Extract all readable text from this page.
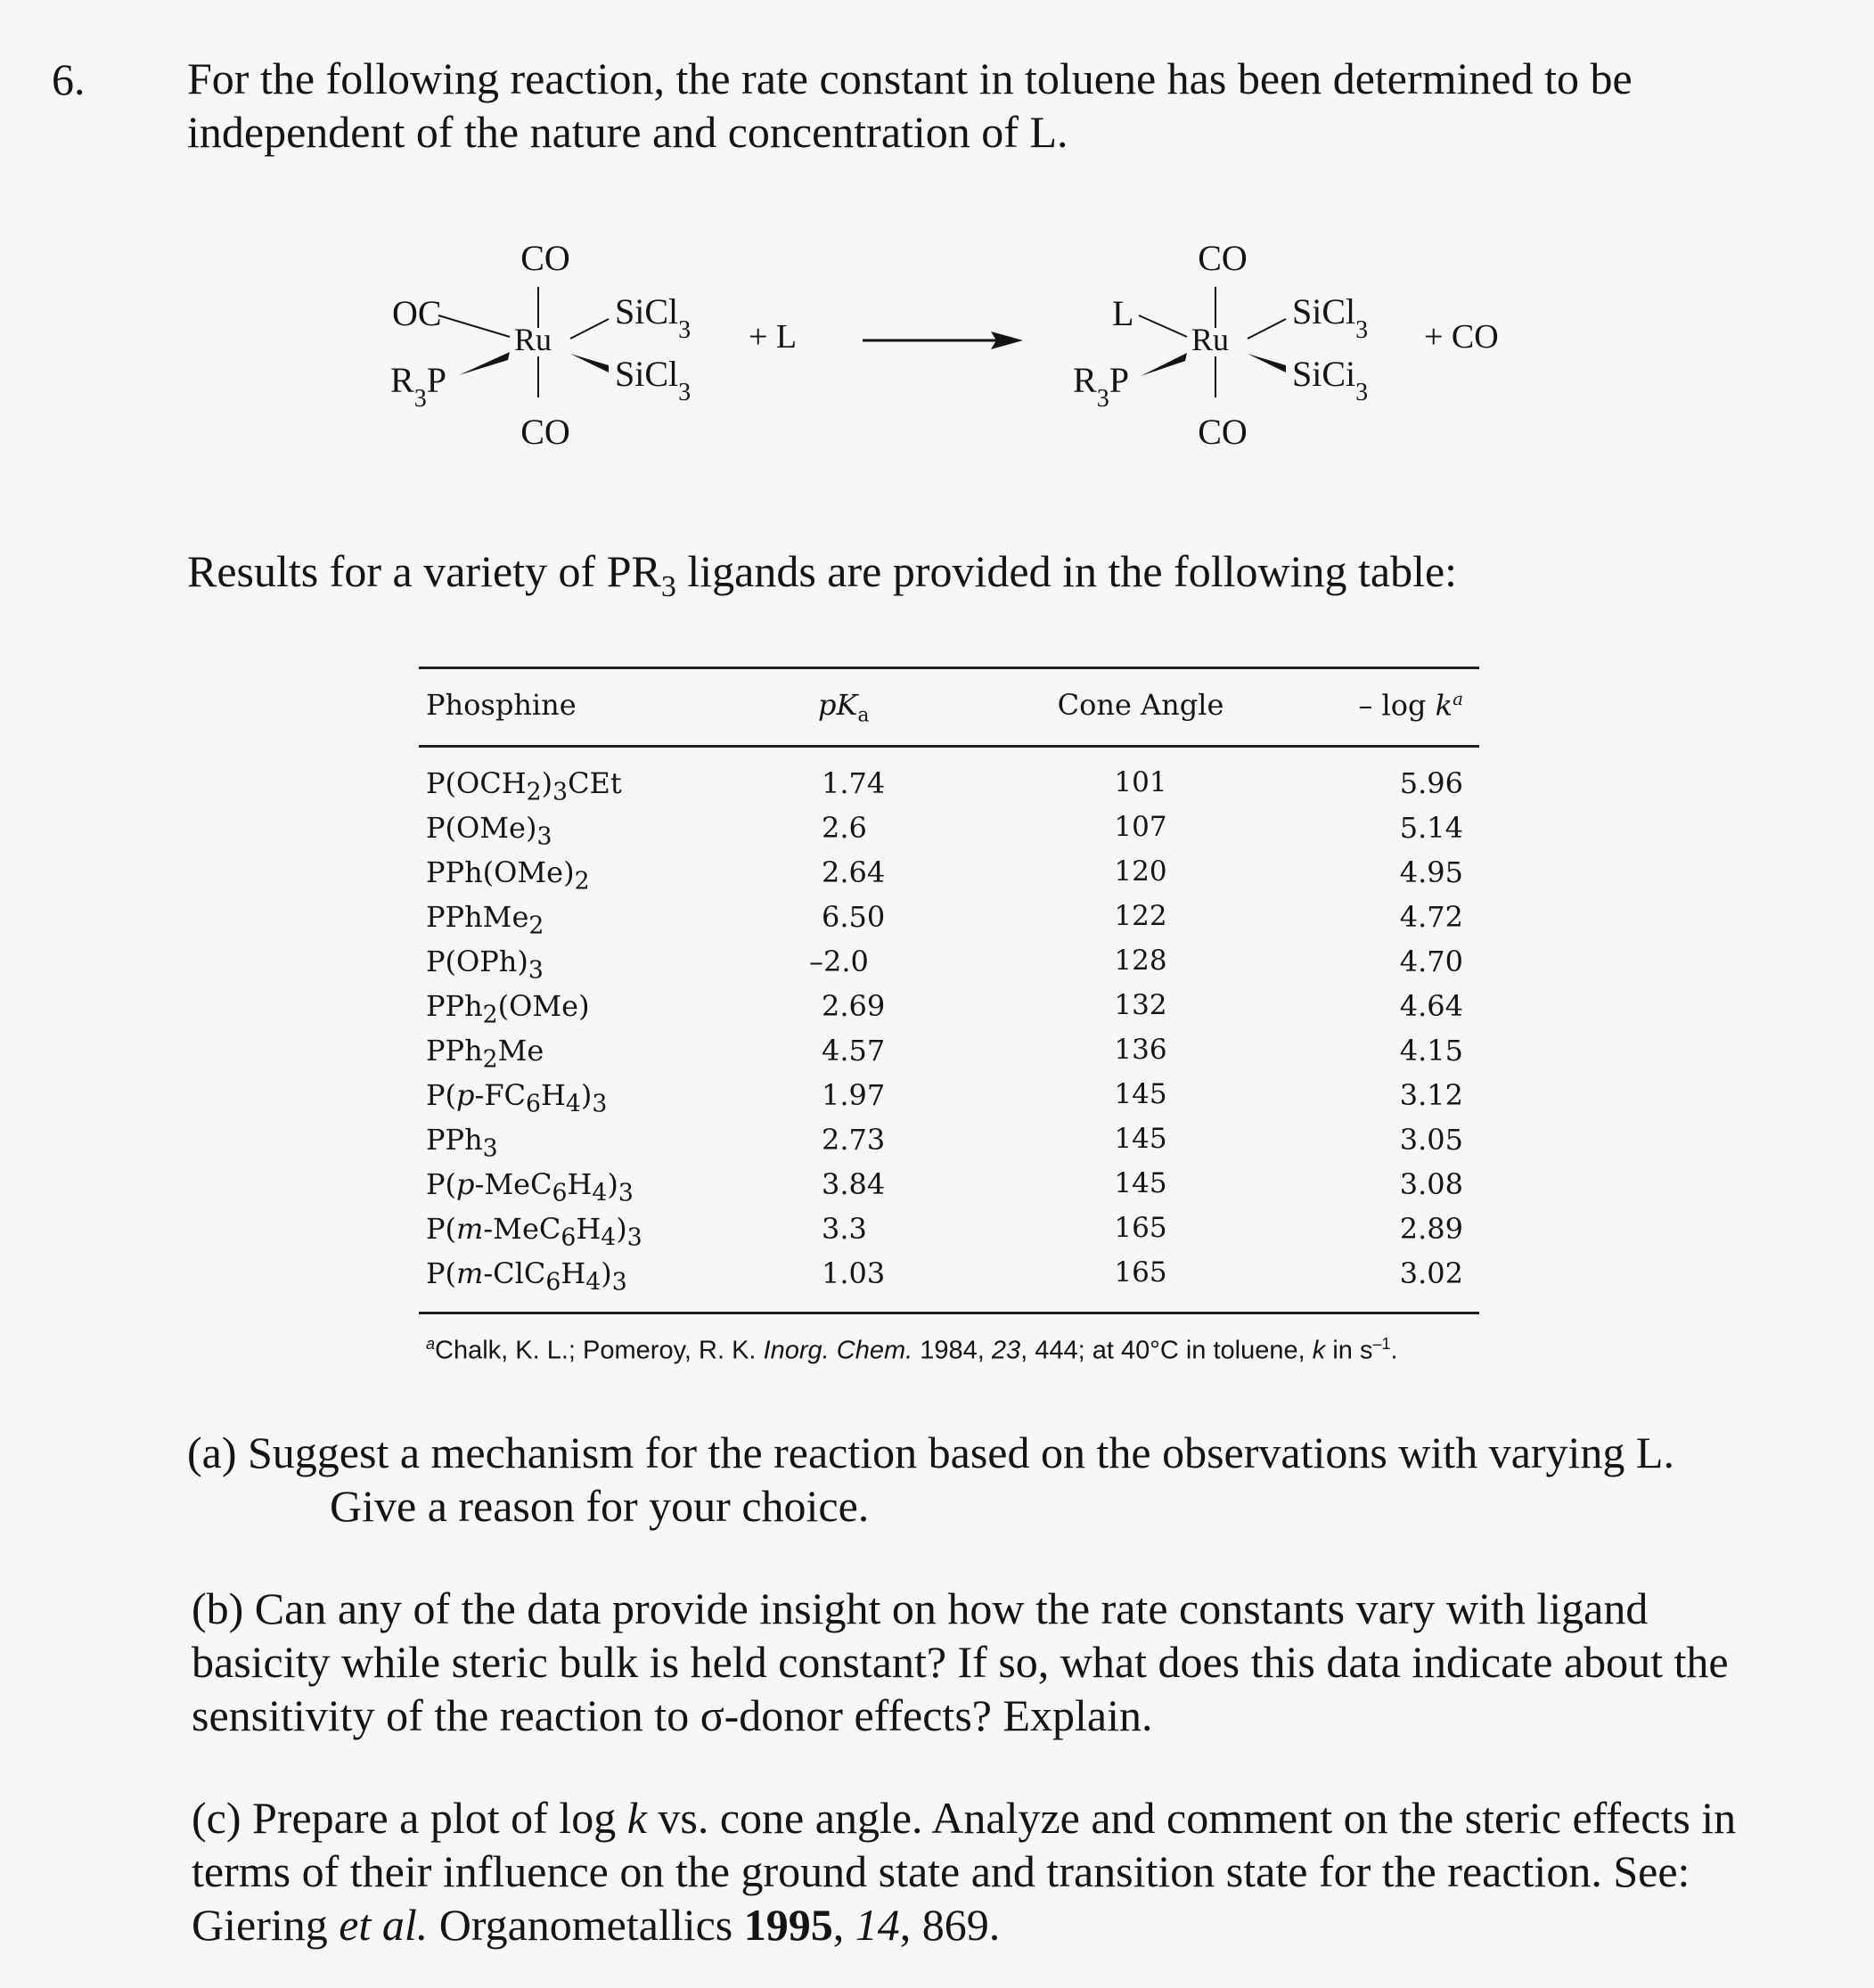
6. For the following reaction, the rate constant in toluene has been determined to be
independent of the nature and concentration of L.
CO
OC
Ru
SiCl$_3$
$R_3P$	SiCl$_3$
CO
+ L
CO
L
Ru
SiCl$_3$
$R_3P$	SiCi$_3$
CO
+ CO
Results for a variety of $PR_3$ ligands are provided in the following table:
Phosphine	$pK_a$	Cone Angle	– $\log k^a$
$P(OCH_2)_3CEt$	1.74	101	5.96
$P(OMe)_3$	2.6	107	5.14
$PPh(OMe)_2$	2.64	120	4.95
PPhMe$_2$	6.50	122	4.72
$P(OPh)_3$	–2.0	128	4.70
PPh$_2$(OMe)	2.69	132	4.64
PPh$_2$Me	4.57	136	4.15
$P(p-FC_6H_4)_3$	1.97	145	3.12
PPh$_3$	2.73	145	3.05
$P(p-MeC_6H_4)_3$	3.84	145	3.08
$P(m-MeC_6H_4)_3$	3.3	165	2.89
$P(m-ClC_6H_4)_3$	1.03	165	3.02
$^a$Chalk, K. L.; Pomeroy, R. K. Inorg. Chem. 1984, 23, 444; at 40°C in toluene, k in $s^{-1}$.
(a) Suggest a mechanism for the reaction based on the observations with varying L.
Give a reason for your choice.
(b) Can any of the data provide insight on how the rate constants vary with ligand
basicity while steric bulk is held constant? If so, what does this data indicate about the
sensitivity of the reaction to σ-donor effects? Explain.
(c) Prepare a plot of log k vs. cone angle. Analyze and comment on the steric effects in
terms of their influence on the ground state and transition state for the reaction. See:
Giering et al. Organometallics 1995, 14, 869.
